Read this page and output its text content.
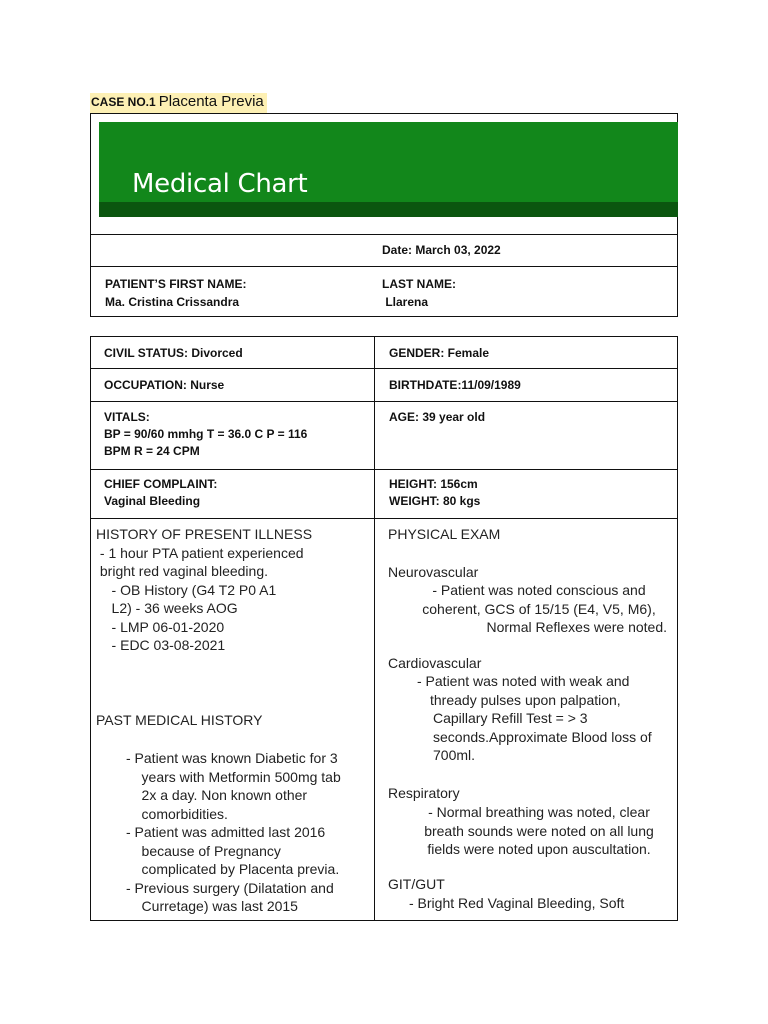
CASE NO.1 Placenta Previa
Medical Chart
Date: March 03, 2022
PATIENT’S FIRST NAME:
Ma. Cristina Crissandra
LAST NAME:
Llarena
CIVIL STATUS: Divorced	GENDER: Female
OCCUPATION: Nurse	BIRTHDATE:11/09/1989
VITALS:
BP = 90/60 mmhg T = 36.0 C P = 116
BPM R = 24 CPM
AGE: 39 year old
CHIEF COMPLAINT:
Vaginal Bleeding
HEIGHT: 156cm
WEIGHT: 80 kgs
HISTORY OF PRESENT ILLNESS
- 1 hour PTA patient experienced
bright red vaginal bleeding.
- OB History (G4 T2 P0 A1
L2) - 36 weeks AOG
- LMP 06-01-2020
- EDC 03-08-2021
PAST MEDICAL HISTORY
- Patient was known Diabetic for 3
years with Metformin 500mg tab
2x a day. Non known other
comorbidities.
- Patient was admitted last 2016
because of Pregnancy
complicated by Placenta previa.
- Previous surgery (Dilatation and
Curretage) was last 2015
PHYSICAL EXAM
Neurovascular
- Patient was noted conscious and
coherent, GCS of 15/15 (E4, V5, M6),
Normal Reflexes were noted.
Cardiovascular
- Patient was noted with weak and
thready pulses upon palpation,
Capillary Refill Test = > 3
seconds.Approximate Blood loss of
700ml.
Respiratory
- Normal breathing was noted, clear
breath sounds were noted on all lung
fields were noted upon auscultation.
GIT/GUT
- Bright Red Vaginal Bleeding, Soft
